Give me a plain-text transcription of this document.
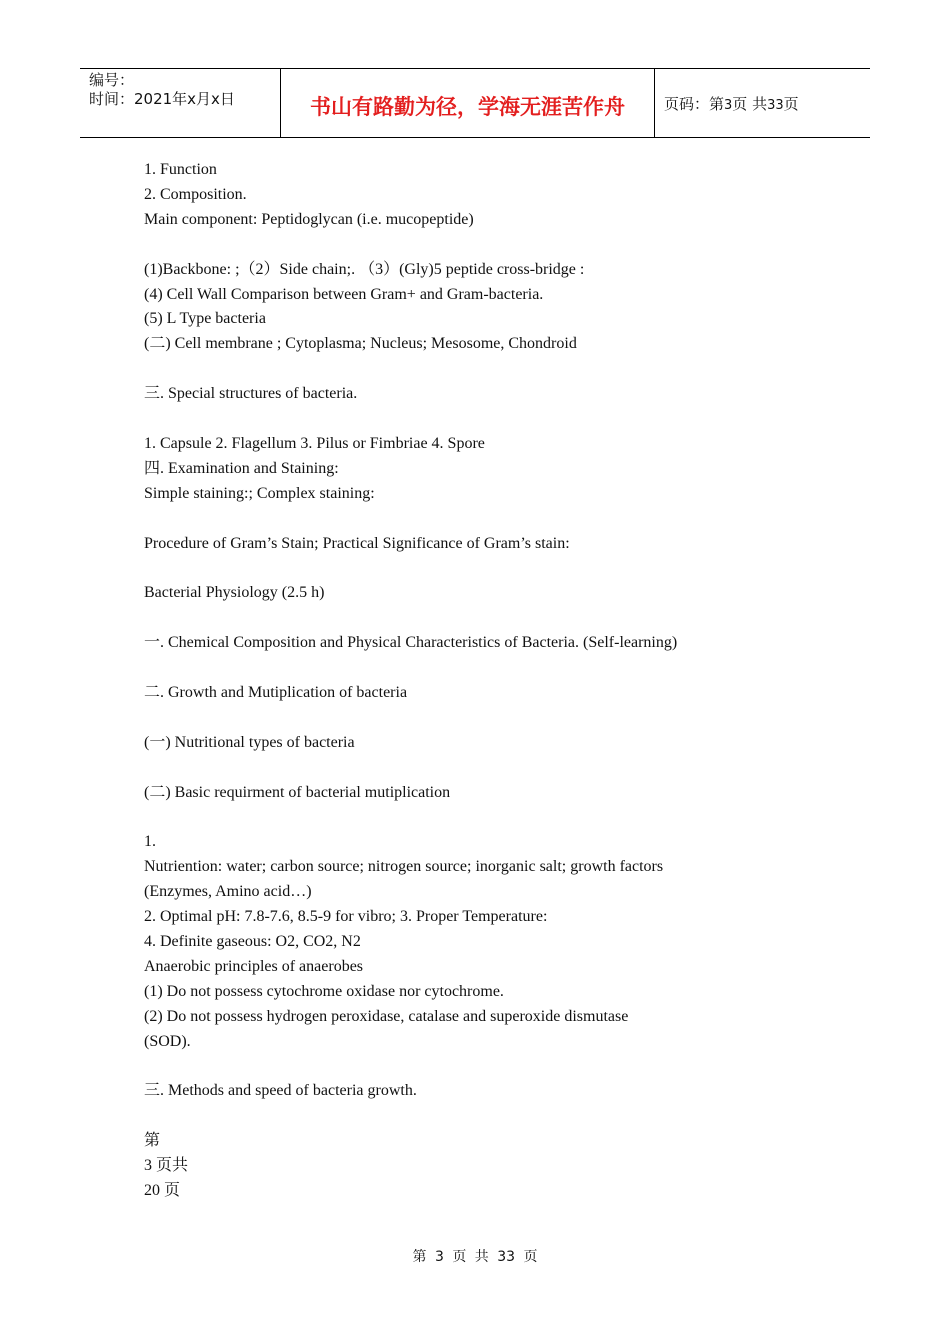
编号：
时间：2021年x月x日	书山有路勤为径，学海无涯苦作舟	页码：第3页 共33页

1. Function

2. Composition.

Main component: Peptidoglycan (i.e. mucopeptide)

(1)Backbone: ;（2）Side chain;. （3）(Gly)5 peptide cross-bridge :

(4) Cell Wall Comparison between Gram+ and Gram-bacteria.

(5) L Type bacteria

(二) Cell membrane ; Cytoplasma; Nucleus; Mesosome, Chondroid

三. Special structures of bacteria.

1. Capsule 2. Flagellum 3. Pilus or Fimbriae 4. Spore

四. Examination and Staining:

Simple staining:; Complex staining:

Procedure of Gram’s Stain; Practical Significance of Gram’s stain:

Bacterial Physiology (2.5 h)

一. Chemical Composition and Physical Characteristics of Bacteria. (Self-learning)

二. Growth and Mutiplication of bacteria

(一) Nutritional types of bacteria

(二) Basic requirment of bacterial mutiplication

1.

Nutriention: water; carbon source; nitrogen source; inorganic salt; growth factors

(Enzymes, Amino acid…)

2. Optimal pH: 7.8-7.6, 8.5-9 for vibro; 3. Proper Temperature:

4. Definite gaseous: O2, CO2, N2

Anaerobic principles of anaerobes

(1) Do not possess cytochrome oxidase nor cytochrome.

(2) Do not possess hydrogen peroxidase, catalase and superoxide dismutase

(SOD).

三. Methods and speed of bacteria growth.

第

3 页共

20 页

第 3 页 共 33 页
